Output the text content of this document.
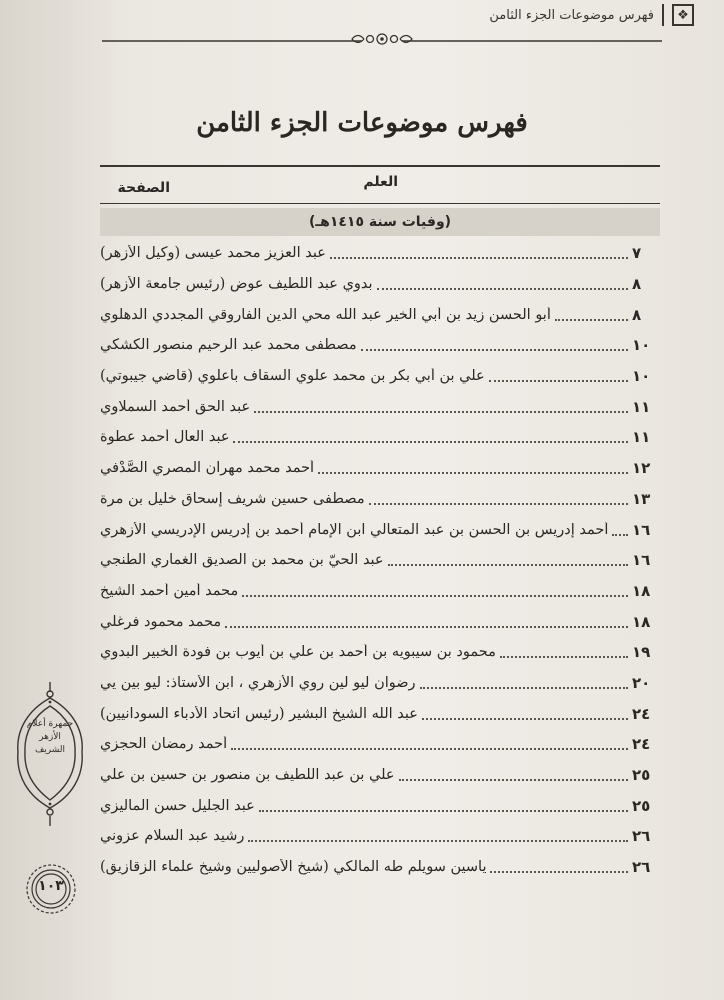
❖
فهرس موضوعات الجزء الثامن
فهرس موضوعات الجزء الثامن
العلم
الصفحة
(وفيات سنة ١٤١٥هـ)
عبد العزيز محمد عيسى (وكيل الأزهر)	٧
بدوي عبد اللطيف عوض (رئيس جامعة الأزهر)	٨
أبو الحسن زيد بن أبي الخير عبد الله محي الدين الفاروقي المجددي الدهلوي	٨
مصطفى محمد عبد الرحيم منصور الكشكي	١٠
علي بن أبي بكر بن محمد علوي السقاف باعلوي (قاضي جيبوتي)	١٠
عبد الحق أحمد السملاوي	١١
عبد العال أحمد عطوة	١١
أحمد محمد مهران المصري الصَّدْفي	١٢
مصطفى حسين شريف إسحاق خليل بن مرة	١٣
أحمد إدريس بن الحسن بن عبد المتعالي ابن الإمام أحمد بن إدريس الإدريسي الأزهري ١٦
عبد الحيّ بن محمد بن الصديق الغماري الطنجي	١٦
محمد أمين أحمد الشيخ	١٨
محمد محمود فرغلي	١٨
محمود بن سيبويه بن أحمد بن علي بن أيوب بن فودة الخبير البدوي	١٩
رضوان ليو لين روي الأزهري ، ابن الأستاذ: ليو بين يي	٢٠
عبد الله الشيخ البشير (رئيس اتحاد الأدباء السودانيين)	٢٤
أحمد رمضان الحجزي	٢٤
علي بن عبد اللطيف بن منصور بن حسين بن علي	٢٥
عبد الجليل حسن الماليزي	٢٥
رشيد عبد السلام عزوني	٢٦
ياسين سويلم طه المالكي (شيخ الأصوليين وشيخ علماء الزقازيق)	٢٦
جمهرة أعلام الأزهر الشريف
١٠٣
